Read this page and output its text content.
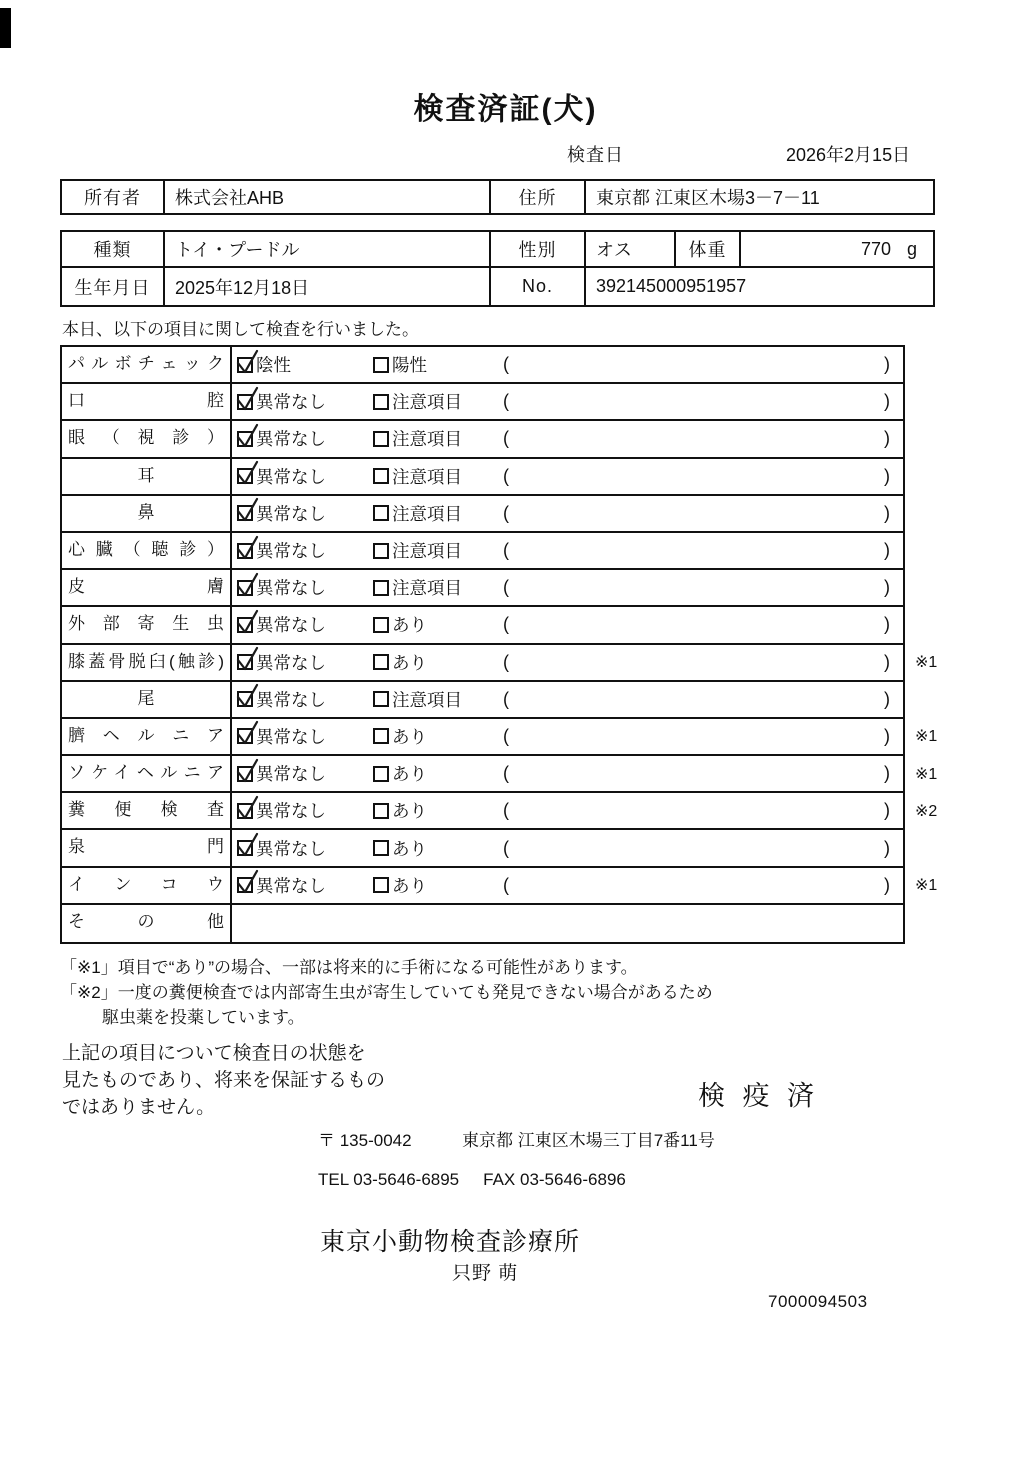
検査済証(犬)
検査日	2026年2月15日
所有者	株式会社AHB	住所	東京都 江東区木場3－7－11
種類	トイ・プードル	性別	オス	体重	770 g
生年月日	2025年12月18日	No.	392145000951957
本日、以下の項目に関して検査を行いました。
パルボチェック	陰性	陽性	(	)
口腔	異常なし	注意項目 (	)
眼（視診）	異常なし	注意項目 (	)
耳	異常なし	注意項目 (	)
鼻	異常なし	注意項目 (	)
心臓（聴診）	異常なし	注意項目 (	)
皮膚	異常なし	注意項目 (	)
外部寄生虫	異常なし	あり	(	)
膝蓋骨脱臼(触診)	異常なし	あり	(	) ※1
尾	異常なし	注意項目 (	)
臍ヘルニア	異常なし	あり	(	) ※1
ソケイヘルニア	異常なし	あり	(	) ※1
糞便検査	異常なし	あり	(	) ※2
泉門	異常なし	あり	(	)
インコウ	異常なし	あり	(	) ※1
その他

「※1」項目で“あり”の場合、一部は将来的に手術になる可能性があります。

「※2」一度の糞便検査では内部寄生虫が寄生していても発見できない場合があるため

駆虫薬を投薬しています。

上記の項目について検査日の状態を

見たものであり、将来を保証するもの

ではありません。	検 疫 済
〒 135-0042	東京都 江東区木場三丁目7番11号
TEL 03-5646-6895 FAX 03-5646-6896
東京小動物検査診療所
只野 萌
7000094503
